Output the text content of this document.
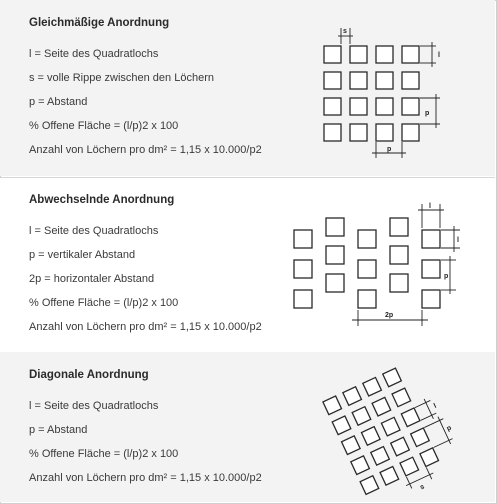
Gleichmäßige Anordnung
l = Seite des Quadratlochs
s = volle Rippe zwischen den Löchern
p = Abstand
% Offene Fläche = (l/p)2 x 100
Anzahl von Löchern pro dm² = 1,15 x 10.000/p2
s
l
p
p
Abwechselnde Anordnung
l = Seite des Quadratlochs
p = vertikaler Abstand
2p = horizontaler Abstand
% Offene Fläche = (l/p)2 x 100
Anzahl von Löchern pro dm² = 1,15 x 10.000/p2
l
l
p
2p
Diagonale Anordnung
l = Seite des Quadratlochs
p = Abstand
% Offene Fläche = (l/p)2 x 100
Anzahl von Löchern pro dm² = 1,15 x 10.000/p2
l
p
s
